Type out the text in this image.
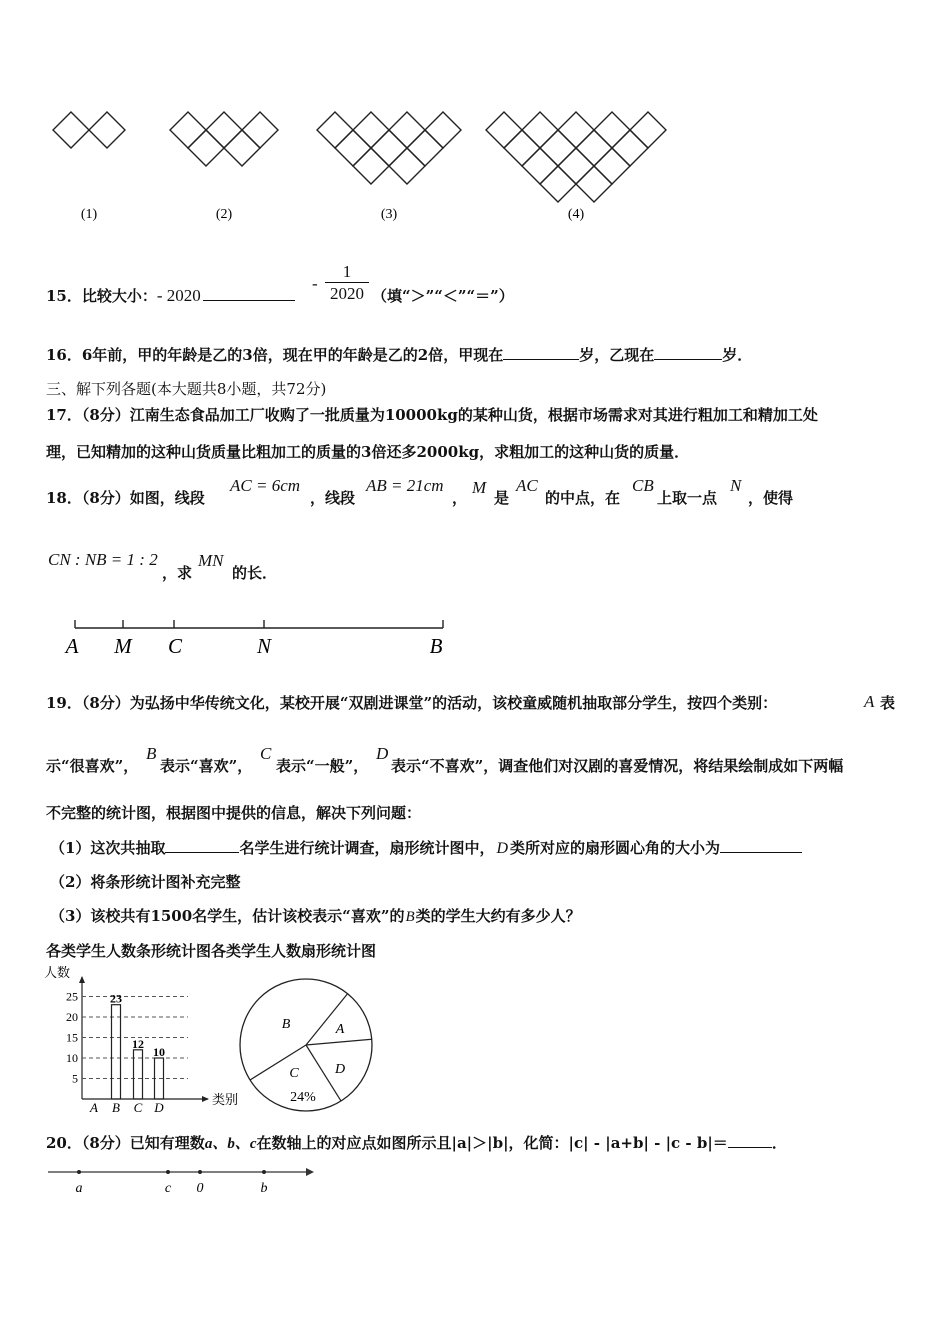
(1)	(2)	(3)	(4)
15．比较大小：- 2020
- $\frac{1}{2020}$ （填“＞”“＜”“＝”）
16．6年前，甲的年龄是乙的3倍，现在甲的年龄是乙的2倍，甲现在	岁，乙现在	岁．
三、解下列各题(本大题共8小题，共72分)
17．（8分）江南生态食品加工厂收购了一批质量为10000kg的某种山货，根据市场需求对其进行粗加工和精加工处
理，已知精加的这种山货质量比粗加工的质量的3倍还多2000kg，求粗加工的这种山货的质量．
18．（8分）如图，线段
AC = 6cm
，线段
AB = 21cm
，
M
是
AC
的中点，在
CB
上取一点
N
，使得
CN : NB = 1 : 2
，求
MN
的长．
A M C	N	B
19．（8分）为弘扬中华传统文化，某校开展“双剧进课堂”的活动，该校童威随机抽取部分学生，按四个类别：	A 表
示“很喜欢”，
B
表示“喜欢”，
C
表示“一般”，
D
表示“不喜欢”，调查他们对汉剧的喜爱情况，将结果绘制成如下两幅
不完整的统计图，根据图中提供的信息，解决下列问题：
（1）这次共抽取	名学生进行统计调查，扇形统计图中， D 类所对应的扇形圆心角的大小为
（2）将条形统计图补充完整
（3）该校共有1500名学生，估计该校表示“喜欢”的B类的学生大约有多少人？
各类学生人数条形统计图各类学生人数扇形统计图
人数
类别
5
10
15
20
25
A
23
B
12
C
10
D
A
B
C
24%
D
20．（8分）已知有理数a、b、c在数轴上的对应点如图所示且|a|＞|b|，化简：|c| - |a+b| - |c - b|＝	．
a	c 0	b
